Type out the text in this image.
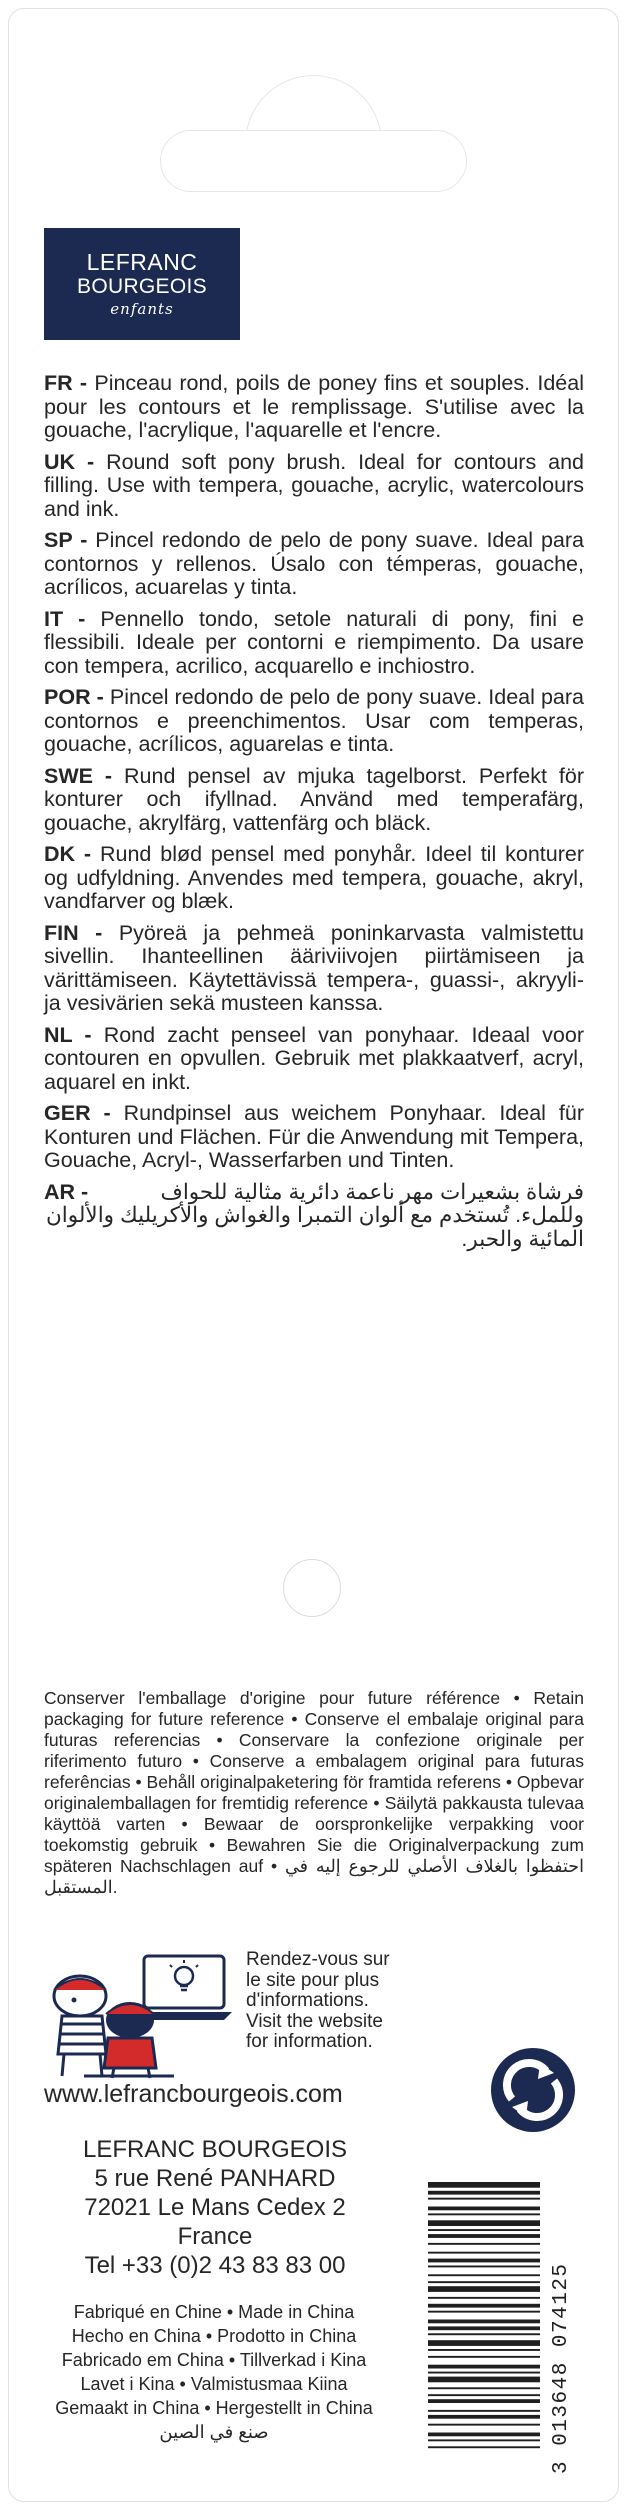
LEFRANC
BOURGEOIS
enfants

FR - Pinceau rond, poils de poney fins et souples. Idéal pour les contours et le remplissage. S'utilise avec la gouache, l'acrylique, l'aquarelle et l'encre.

UK - Round soft pony brush. Ideal for contours and filling. Use with tempera, gouache, acrylic, watercolours and ink.

SP - Pincel redondo de pelo de pony suave. Ideal para contornos y rellenos. Úsalo con témperas, gouache, acrílicos, acuarelas y tinta.

IT - Pennello tondo, setole naturali di pony, fini e flessibili. Ideale per contorni e riempimento. Da usare con tempera, acrilico, acquarello e inchiostro.

POR - Pincel redondo de pelo de pony suave. Ideal para contornos e preenchimentos. Usar com temperas, gouache, acrílicos, aguarelas e tinta.

SWE - Rund pensel av mjuka tagelborst. Perfekt för konturer och ifyllnad. Använd med temperafärg, gouache, akrylfärg, vattenfärg och bläck.

DK - Rund blød pensel med ponyhår. Ideel til konturer og udfyldning. Anvendes med tempera, gouache, akryl, vandfarver og blæk.

FIN - Pyöreä ja pehmeä poninkarvasta valmistettu sivellin. Ihanteellinen ääriviivojen piirtämiseen ja värittämiseen. Käytettävissä tempera-, guassi-, akryyli- ja vesivärien sekä musteen kanssa.

NL - Rond zacht penseel van ponyhaar. Ideaal voor contouren en opvullen. Gebruik met plakkaatverf, acryl, aquarel en inkt.

GER - Rundpinsel aus weichem Ponyhaar. Ideal für Konturen und Flächen. Für die Anwendung mit Tempera, Gouache, Acryl-, Wasserfarben und Tinten.

AR -	فرشاة بشعيرات مهر ناعمة دائرية مثالية للحواف وللملء. تُستخدم مع ألوان التمبرا والغواش والأكريليك والألوان المائية والحبر.

Conserver l'emballage d'origine pour future référence • Retain packaging for future reference • Conserve el embalaje original para futuras referencias • Conservare la confezione originale per riferimento futuro • Conserve a embalagem original para futuras referências • Behåll originalpaketering för framtida referens • Opbevar originalemballagen for fremtidig reference • Säilytä pakkausta tulevaa käyttöä varten • Bewaar de oorspronkelijke verpakking voor toekomstig gebruik • Bewahren Sie die Originalverpackung zum späteren Nachschlagen auf • احتفظوا بالغلاف الأصلي للرجوع إليه في المستقبل.

Rendez-vous sur
le site pour plus
d'informations.
Visit the website
for information.
www.lefrancbourgeois.com
LEFRANC BOURGEOIS
5 rue René PANHARD
72021 Le Mans Cedex 2
France
Tel +33 (0)2 43 83 83 00
Fabriqué en Chine • Made in China
Hecho en China • Prodotto in China
Fabricado em China • Tillverkad i Kina
Lavet i Kina • Valmistusmaa Kiina
Gemaakt in China • Hergestellt in China
صنع في الصين	3 013648 074125
